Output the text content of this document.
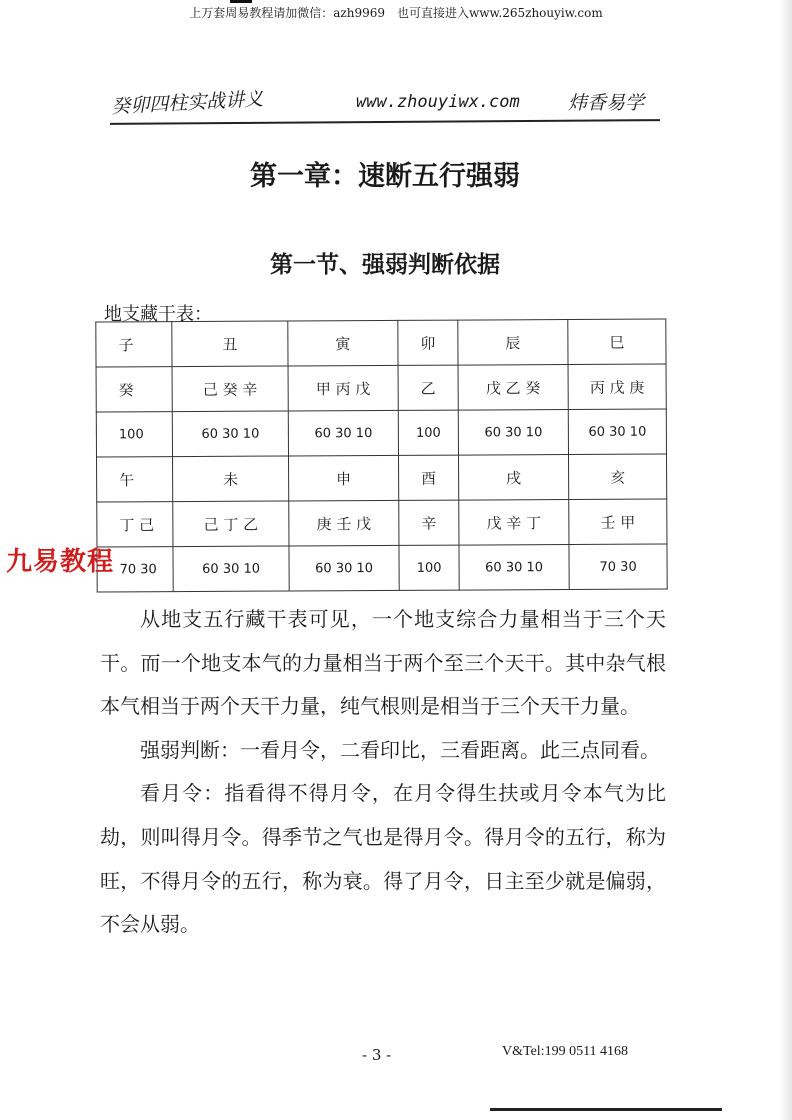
上万套周易教程请加微信：azh9969　也可直接进入www.265zhouyiw.com
癸卯四柱实战讲义	www.zhouyiwx.com	炜香易学
第一章：速断五行强弱
第一节、强弱判断依据
地支藏干表：
子	丑	寅	卯	辰	巳
癸	己 癸 辛	甲 丙 戊	乙	戊 乙 癸	丙 戊 庚
100	60 30 10	60 30 10	100	60 30 10	60 30 10
午	未	申	酉	戌	亥
丁 己	己 丁 乙	庚 壬 戊	辛	戊 辛 丁	壬 甲
70 30	60 30 10	60 30 10	100	60 30 10	70 30
九易教程

从地支五行藏干表可见，一个地支综合力量相当于三个天干。而一个地支本气的力量相当于两个至三个天干。其中杂气根本气相当于两个天干力量，纯气根则是相当于三个天干力量。

强弱判断：一看月令，二看印比，三看距离。此三点同看。

看月令：指看得不得月令，在月令得生扶或月令本气为比劫，则叫得月令。得季节之气也是得月令。得月令的五行，称为旺，不得月令的五行，称为衰。得了月令，日主至少就是偏弱，不会从弱。

- 3 -	V&Tel:199 0511 4168
